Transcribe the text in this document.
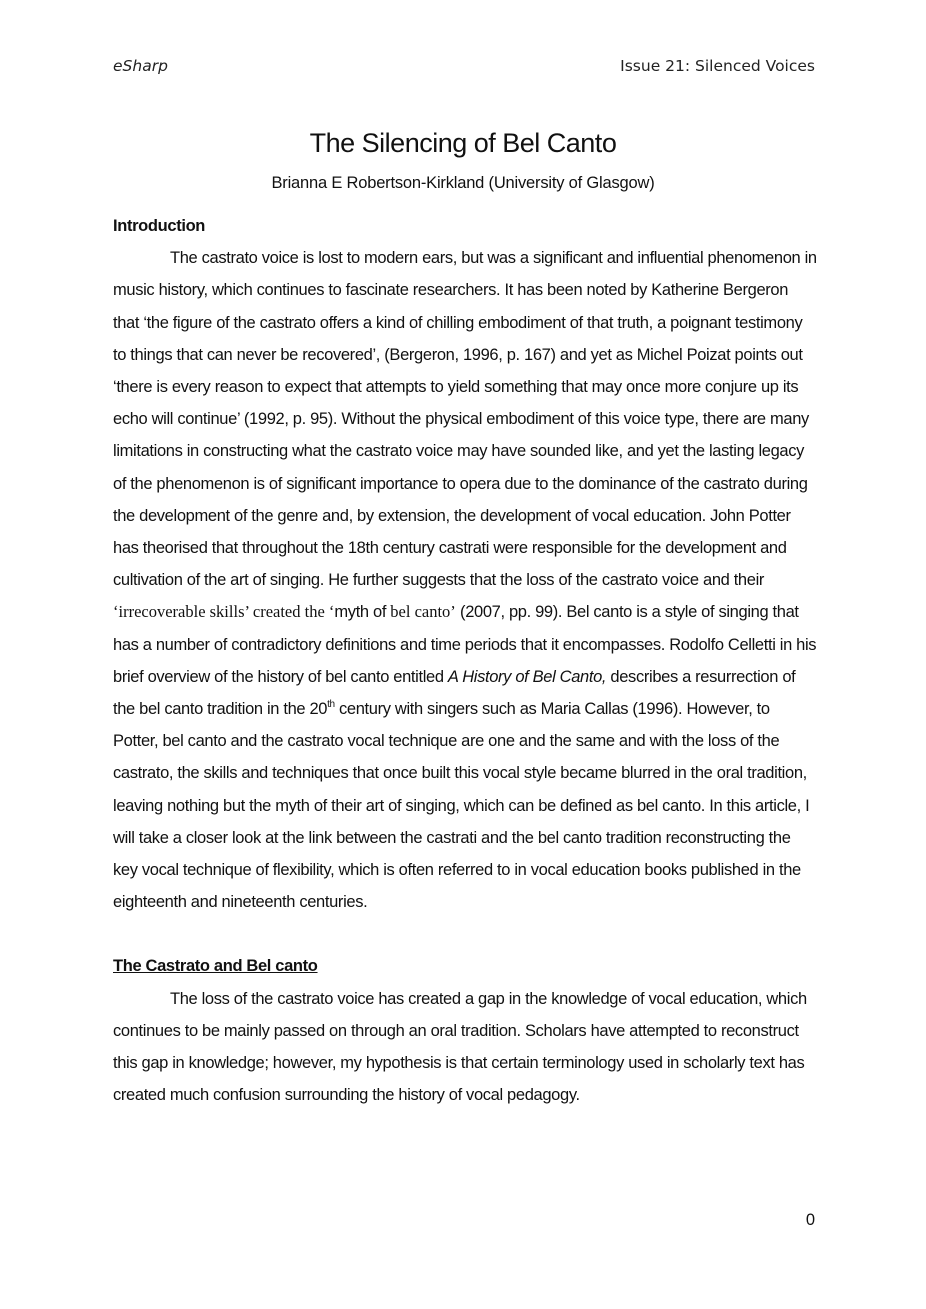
eSharp	Issue 21: Silenced Voices
The Silencing of Bel Canto
Brianna E Robertson-Kirkland (University of Glasgow)

Introduction

The castrato voice is lost to modern ears, but was a significant and influential phenomenon in music history, which continues to fascinate researchers. It has been noted by Katherine Bergeron that ‘the figure of the castrato offers a kind of chilling embodiment of that truth, a poignant testimony to things that can never be recovered’, (Bergeron, 1996, p. 167) and yet as Michel Poizat points out ‘there is every reason to expect that attempts to yield something that may once more conjure up its echo will continue’ (1992, p. 95). Without the physical embodiment of this voice type, there are many limitations in constructing what the castrato voice may have sounded like, and yet the lasting legacy of the phenomenon is of significant importance to opera due to the dominance of the castrato during the development of the genre and, by extension, the development of vocal education. John Potter has theorised that throughout the 18th century castrati were responsible for the development and cultivation of the art of singing. He further suggests that the loss of the castrato voice and their ‘irrecoverable skills’ created the ‘myth of bel canto’ (2007, pp. 99). Bel canto is a style of singing that has a number of contradictory definitions and time periods that it encompasses. Rodolfo Celletti in his brief overview of the history of bel canto entitled A History of Bel Canto, describes a resurrection of the bel canto tradition in the 20th century with singers such as Maria Callas (1996). However, to Potter, bel canto and the castrato vocal technique are one and the same and with the loss of the castrato, the skills and techniques that once built this vocal style became blurred in the oral tradition, leaving nothing but the myth of their art of singing, which can be defined as bel canto. In this article, I will take a closer look at the link between the castrati and the bel canto tradition reconstructing the key vocal technique of flexibility, which is often referred to in vocal education books published in the eighteenth and nineteenth centuries.

The Castrato and Bel canto

The loss of the castrato voice has created a gap in the knowledge of vocal education, which continues to be mainly passed on through an oral tradition. Scholars have attempted to reconstruct this gap in knowledge; however, my hypothesis is that certain terminology used in scholarly text has created much confusion surrounding the history of vocal pedagogy.

0
